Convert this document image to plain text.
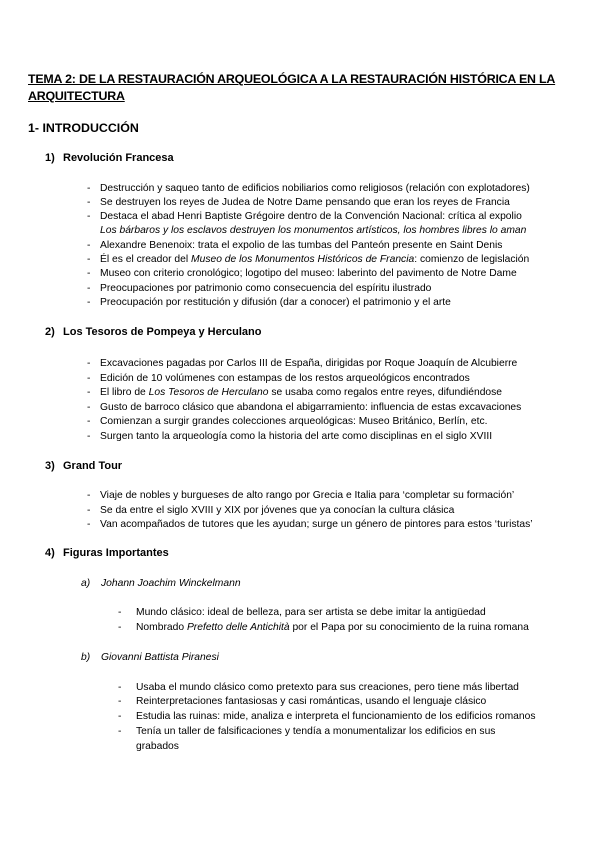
TEMA 2: DE LA RESTAURACIÓN ARQUEOLÓGICA A LA RESTAURACIÓN HISTÓRICA EN LA ARQUITECTURA
1- INTRODUCCIÓN
1) Revolución Francesa
- Destrucción y saqueo tanto de edificios nobiliarios como religiosos (relación con explotadores)
- Se destruyen los reyes de Judea de Notre Dame pensando que eran los reyes de Francia
- Destaca el abad Henri Baptiste Grégoire dentro de la Convención Nacional: crítica al expolio
Los bárbaros y los esclavos destruyen los monumentos artísticos, los hombres libres lo aman
- Alexandre Benenoix: trata el expolio de las tumbas del Panteón presente en Saint Denis
- Él es el creador del Museo de los Monumentos Históricos de Francia: comienzo de legislación
- Museo con criterio cronológico; logotipo del museo: laberinto del pavimento de Notre Dame
- Preocupaciones por patrimonio como consecuencia del espíritu ilustrado
- Preocupación por restitución y difusión (dar a conocer) el patrimonio y el arte
2) Los Tesoros de Pompeya y Herculano
- Excavaciones pagadas por Carlos III de España, dirigidas por Roque Joaquín de Alcubierre
- Edición de 10 volúmenes con estampas de los restos arqueológicos encontrados
- El libro de Los Tesoros de Herculano se usaba como regalos entre reyes, difundiéndose
- Gusto de barroco clásico que abandona el abigarramiento: influencia de estas excavaciones
- Comienzan a surgir grandes colecciones arqueológicas: Museo Británico, Berlín, etc.
- Surgen tanto la arqueología como la historia del arte como disciplinas en el siglo XVIII
3) Grand Tour
- Viaje de nobles y burgueses de alto rango por Grecia e Italia para ‘completar su formación’
- Se da entre el siglo XVIII y XIX por jóvenes que ya conocían la cultura clásica
- Van acompañados de tutores que les ayudan; surge un género de pintores para estos ‘turistas’
4) Figuras Importantes
a) Johann Joachim Winckelmann
- Mundo clásico: ideal de belleza, para ser artista se debe imitar la antigüedad
- Nombrado Prefetto delle Antichità por el Papa por su conocimiento de la ruina romana
b) Giovanni Battista Piranesi
- Usaba el mundo clásico como pretexto para sus creaciones, pero tiene más libertad
- Reinterpretaciones fantasiosas y casi románticas, usando el lenguaje clásico
- Estudia las ruinas: mide, analiza e interpreta el funcionamiento de los edificios romanos
- Tenía un taller de falsificaciones y tendía a monumentalizar los edificios en sus
grabados
